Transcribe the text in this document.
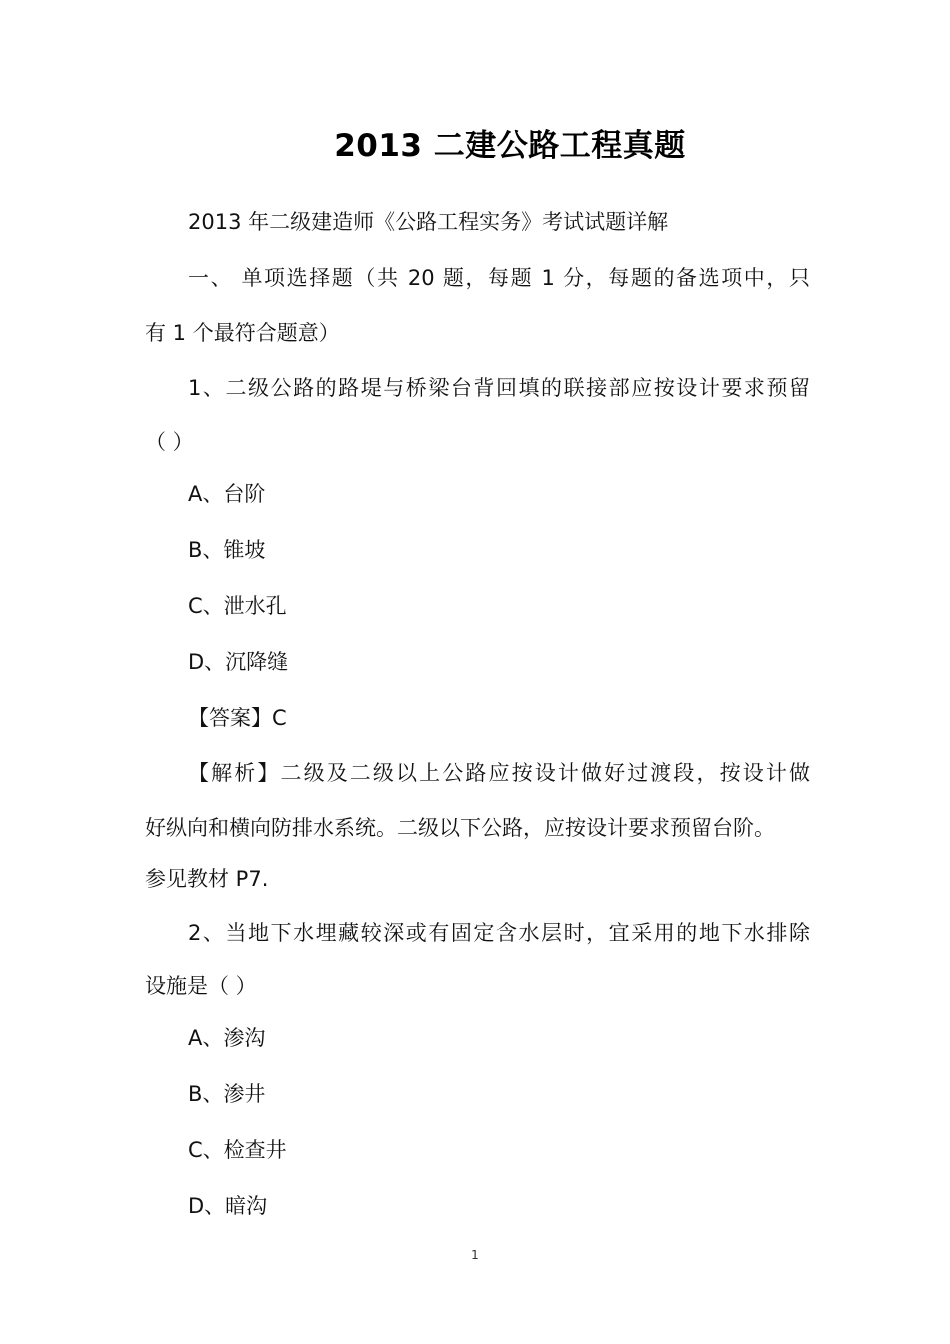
2013 二建公路工程真题
2013 年二级建造师《公路工程实务》考试试题详解
一、 单项选择题（共 20 题，每题 1 分，每题的备选项中，只
有 1 个最符合题意）
1、二级公路的路堤与桥梁台背回填的联接部应按设计要求预留
（ ）
A、台阶
B、锥坡
C、泄水孔
D、沉降缝
【答案】C
【解析】二级及二级以上公路应按设计做好过渡段，按设计做
好纵向和横向防排水系统。二级以下公路，应按设计要求预留台阶。
参见教材 P7.
2、当地下水埋藏较深或有固定含水层时，宜采用的地下水排除
设施是（ ）
A、渗沟
B、渗井
C、检查井
D、暗沟
1
